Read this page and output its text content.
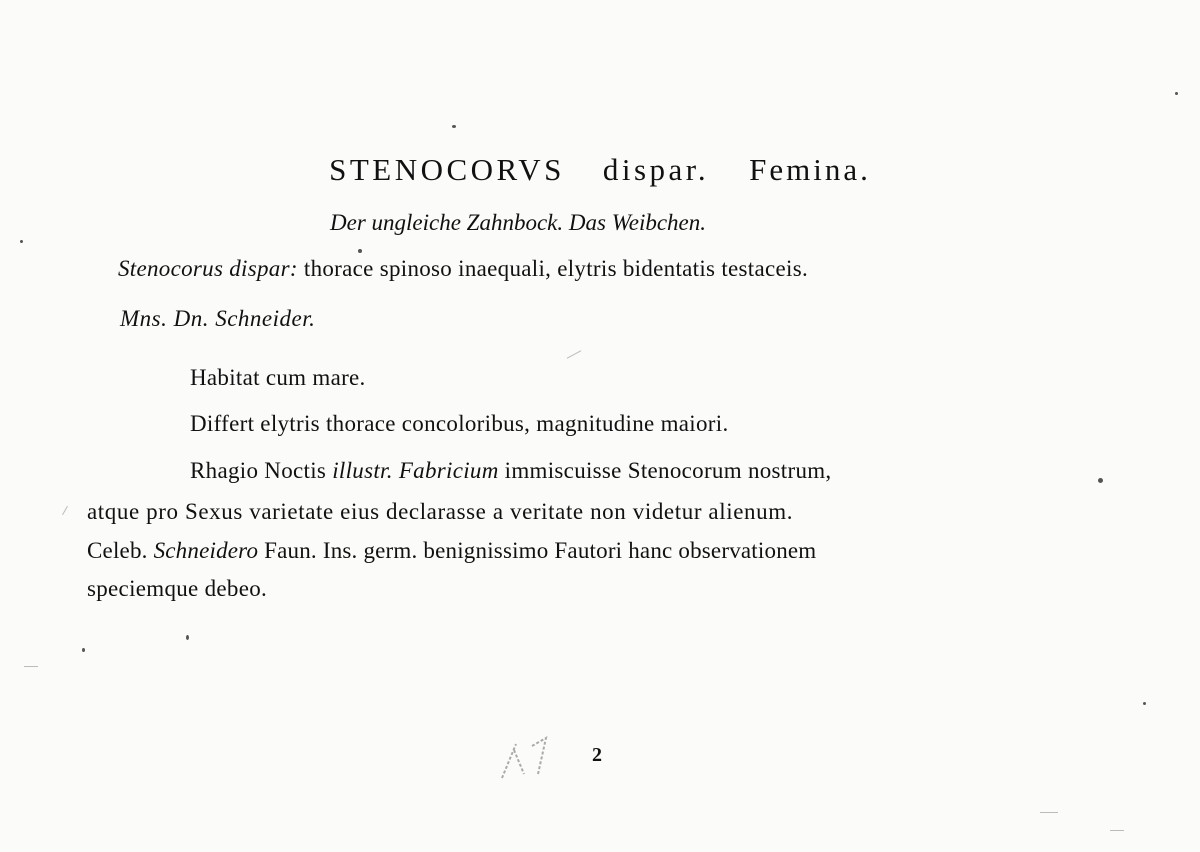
STENOCORVS dispar. Femina.
Der ungleiche Zahnbock. Das Weibchen.
Stenocorus dispar: thorace spinoso inaequali, elytris bidentatis testaceis.
Mns. Dn. Schneider.
Habitat cum mare.
Differt elytris thorace concoloribus, magnitudine maiori.
Rhagio Noctis illustr. Fabricium immiscuisse Stenocorum nostrum,
atque pro Sexus varietate eius declarasse a veritate non videtur alienum.
Celeb. Schneidero Faun. Ins. germ. benignissimo Fautori hanc observationem
speciemque debeo.
2
